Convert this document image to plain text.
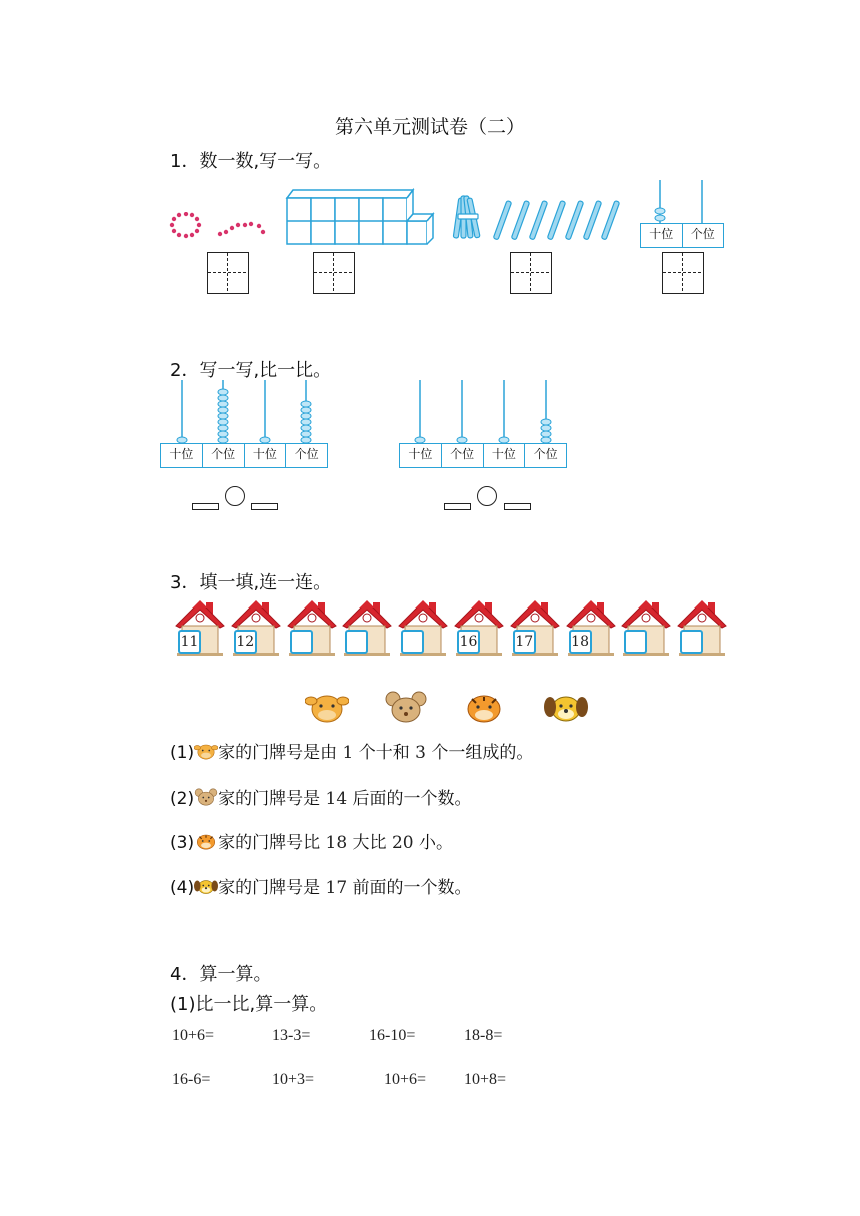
第六单元测试卷（二）
1．数一数,写一写。
十位	个位
2．写一写,比一比。
十位	个位	十位	个位	十位	个位	十位	个位
3．填一填,连一连。
11	12	16	17	18
(1) 家的门牌号是由 1 个十和 3 个一组成的。
(2) 家的门牌号是 14 后面的一个数。
(3) 家的门牌号比 18 大比 20 小。
(4) 家的门牌号是 17 前面的一个数。
4．算一算。
(1)比一比,算一算。
10+6=	13-3=	16-10=	18-8=
16-6=	10+3=	10+6= 10+8=
